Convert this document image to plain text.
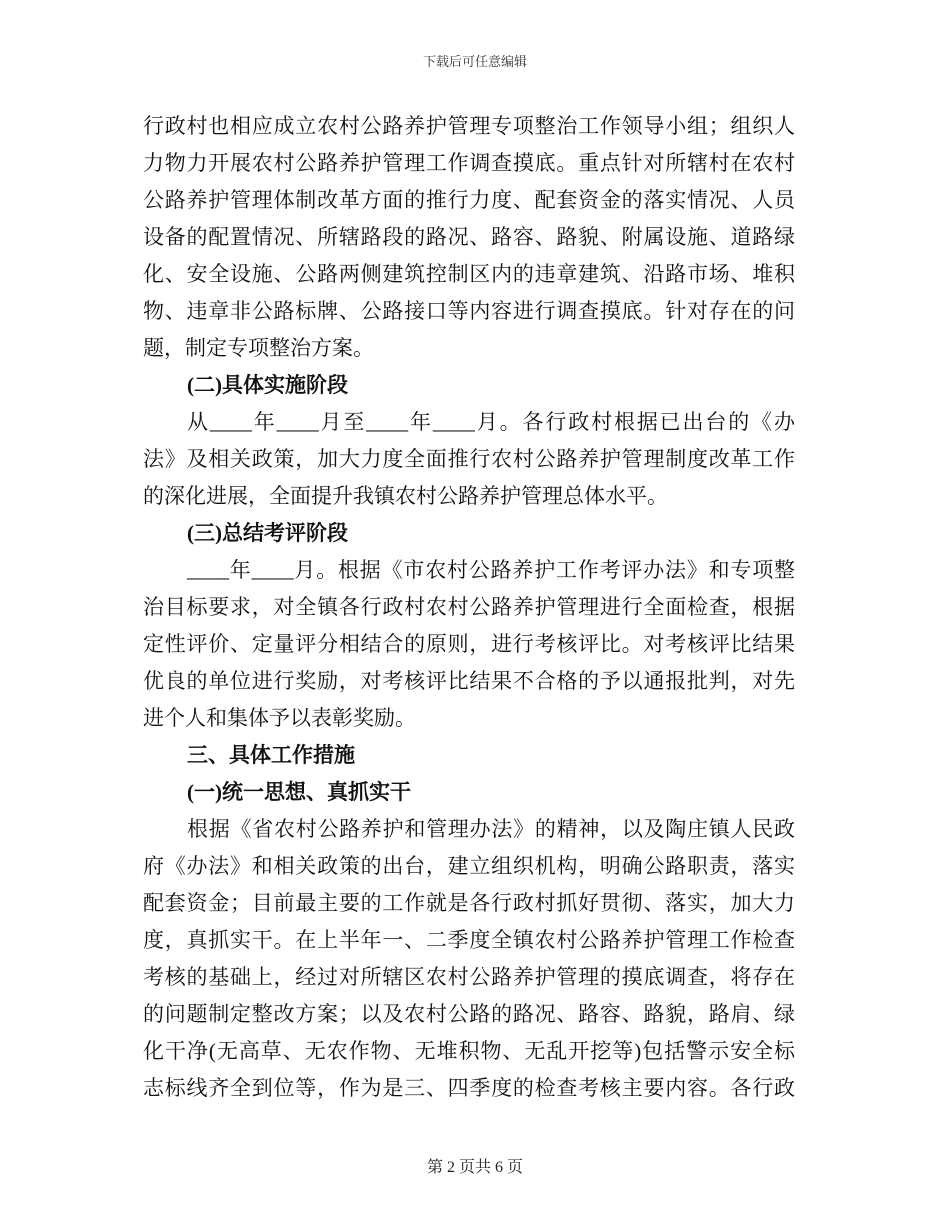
下载后可任意编辑
行政村也相应成立农村公路养护管理专项整治工作领导小组；组织人
力物力开展农村公路养护管理工作调查摸底。重点针对所辖村在农村
公路养护管理体制改革方面的推行力度、配套资金的落实情况、人员
设备的配置情况、所辖路段的路况、路容、路貌、附属设施、道路绿
化、安全设施、公路两侧建筑控制区内的违章建筑、沿路市场、堆积
物、违章非公路标牌、公路接口等内容进行调查摸底。针对存在的问
题，制定专项整治方案。
(二)具体实施阶段
从____年____月至____年____月。各行政村根据已出台的《办
法》及相关政策，加大力度全面推行农村公路养护管理制度改革工作
的深化进展，全面提升我镇农村公路养护管理总体水平。
(三)总结考评阶段
____年____月。根据《市农村公路养护工作考评办法》和专项整
治目标要求，对全镇各行政村农村公路养护管理进行全面检查，根据
定性评价、定量评分相结合的原则，进行考核评比。对考核评比结果
优良的单位进行奖励，对考核评比结果不合格的予以通报批判，对先
进个人和集体予以表彰奖励。
三、具体工作措施
(一)统一思想、真抓实干
根据《省农村公路养护和管理办法》的精神，以及陶庄镇人民政
府《办法》和相关政策的出台，建立组织机构，明确公路职责，落实
配套资金；目前最主要的工作就是各行政村抓好贯彻、落实，加大力
度，真抓实干。在上半年一、二季度全镇农村公路养护管理工作检查
考核的基础上，经过对所辖区农村公路养护管理的摸底调查，将存在
的问题制定整改方案；以及农村公路的路况、路容、路貌，路肩、绿
化干净(无高草、无农作物、无堆积物、无乱开挖等)包括警示安全标
志标线齐全到位等，作为是三、四季度的检查考核主要内容。各行政
第 2 页共 6 页
